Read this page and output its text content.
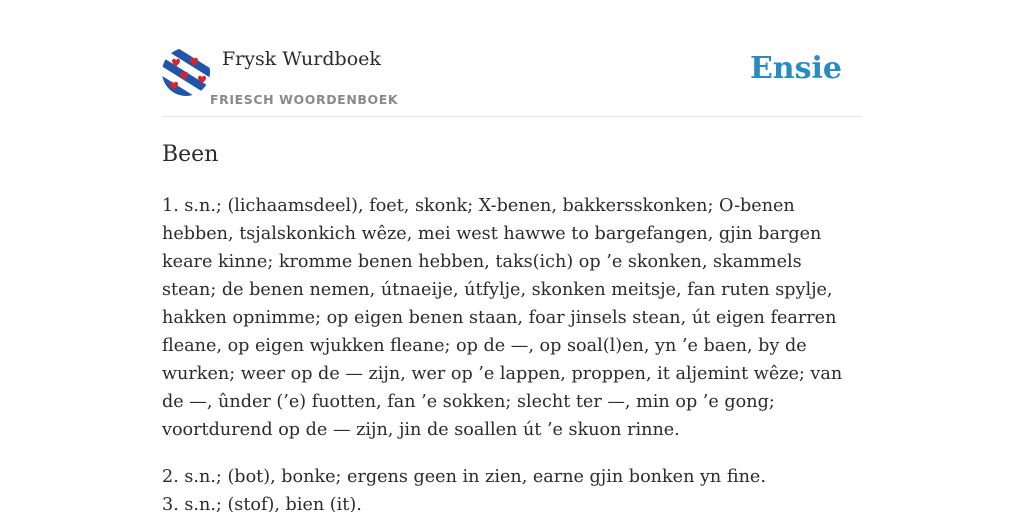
Frysk Wurdboek
FRIESCH WOORDENBOEK
Ensie
Been

1. s.n.; (lichaamsdeel), foet, skonk; X-benen, bakkersskonken; O-benen hebben, tsjalskonkich wêze, mei west hawwe to bargefangen, gjin bargen keare kinne; kromme benen hebben, taks(ich) op ’e skonken, skammels stean; de benen nemen, útnaeije, útfylje, skonken meitsje, fan ruten spylje, hakken opnimme; op eigen benen staan, foar jinsels stean, út eigen fearren fleane, op eigen wjukken fleane; op de —, op soal(l)en, yn ’e baen, by de wurken; weer op de — zijn, wer op ’e lappen, proppen, it aljemint wêze; van de —, ûnder (’e) fuotten, fan ’e sokken; slecht ter —, min op ’e gong; voortdurend op de — zijn, jin de soallen út ’e skuon rinne.

2. s.n.; (bot), bonke; ergens geen in zien, earne gjin bonken yn fine.

3. s.n.; (stof), bien (it).
